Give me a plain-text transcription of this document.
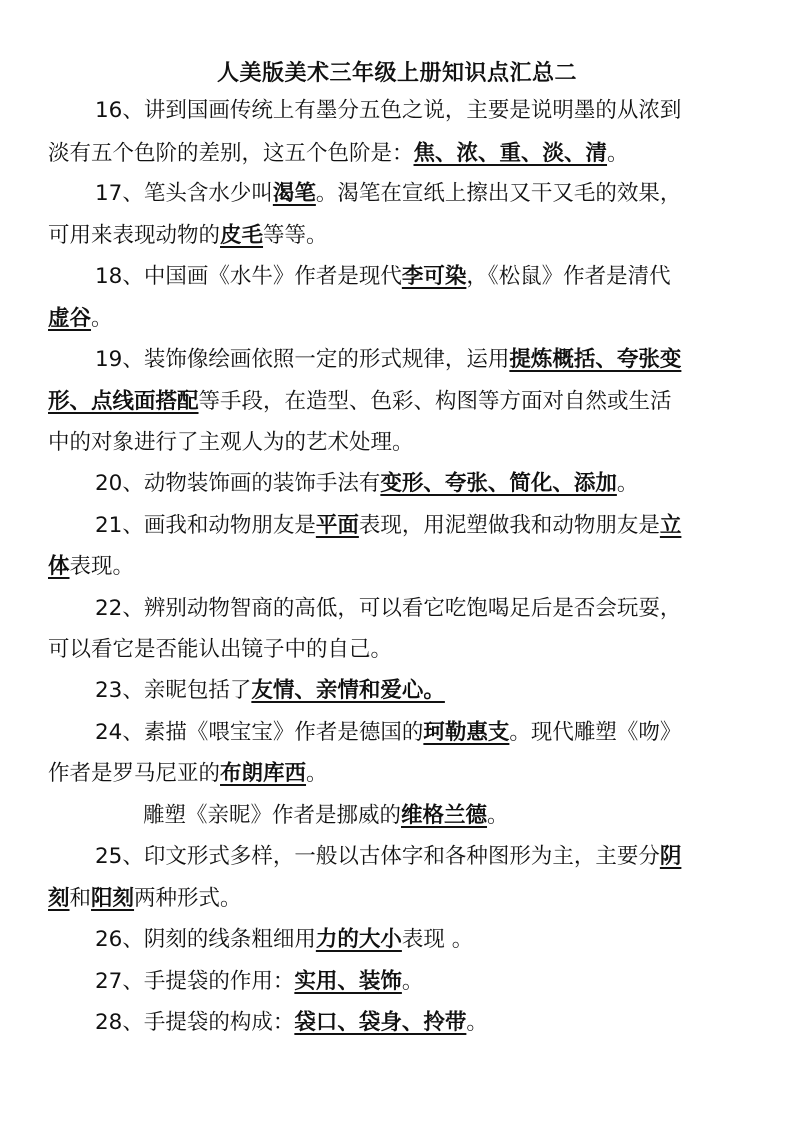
人美版美术三年级上册知识点汇总二
16、讲到国画传统上有墨分五色之说，主要是说明墨的从浓到
淡有五个色阶的差别，这五个色阶是：焦、浓、重、淡、清。
17、笔头含水少叫渴笔。渴笔在宣纸上擦出又干又毛的效果，
可用来表现动物的皮毛等等。
18、中国画《水牛》作者是现代李可染，《松鼠》作者是清代
虚谷。
19、装饰像绘画依照一定的形式规律，运用提炼概括、夸张变
形、点线面搭配等手段，在造型、色彩、构图等方面对自然或生活
中的对象进行了主观人为的艺术处理。
20、动物装饰画的装饰手法有变形、夸张、简化、添加。
21、画我和动物朋友是平面表现，用泥塑做我和动物朋友是立
体表现。
22、辨别动物智商的高低，可以看它吃饱喝足后是否会玩耍，
可以看它是否能认出镜子中的自己。
23、亲昵包括了友情、亲情和爱心。
24、素描《喂宝宝》作者是德国的珂勒惠支。现代雕塑《吻》
作者是罗马尼亚的布朗库西。
雕塑《亲昵》作者是挪威的维格兰德。
25、印文形式多样，一般以古体字和各种图形为主，主要分阴
刻和阳刻两种形式。
26、阴刻的线条粗细用力的大小表现 。
27、手提袋的作用：实用、装饰。
28、手提袋的构成：袋口、袋身、拎带。
